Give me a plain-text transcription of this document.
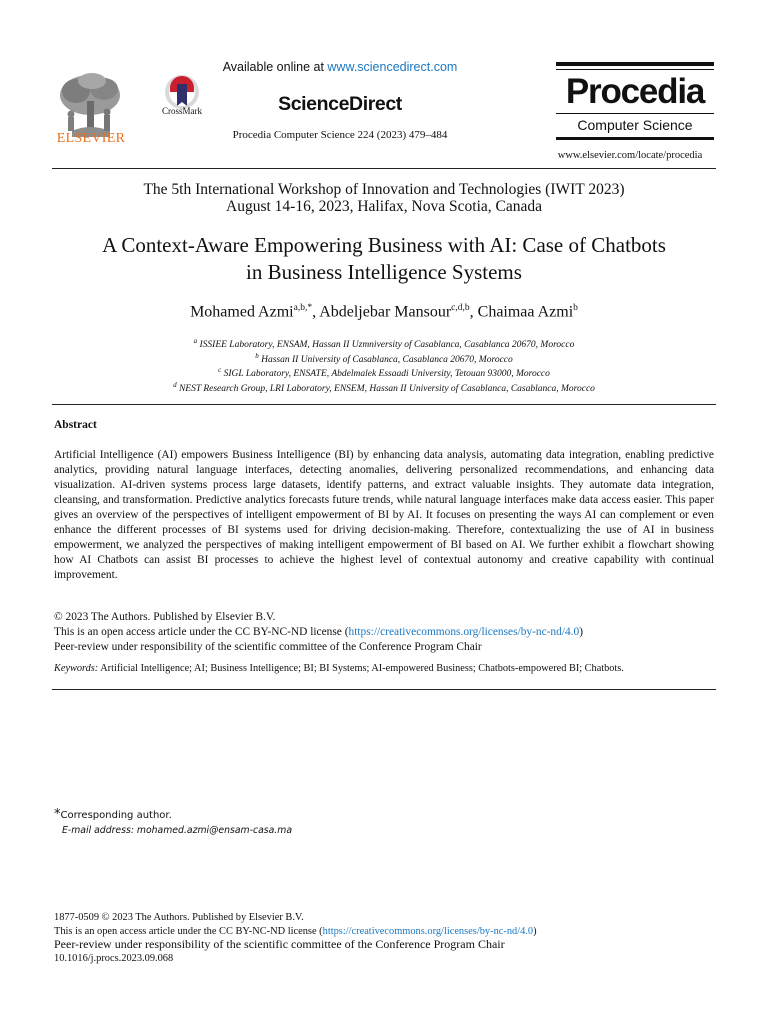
ELSEVIER
CrossMark
Available online at www.sciencedirect.com
ScienceDirect
Procedia Computer Science 224 (2023) 479–484
Procedia
Computer Science
www.elsevier.com/locate/procedia
The 5th International Workshop of Innovation and Technologies (IWIT 2023)
August 14-16, 2023, Halifax, Nova Scotia, Canada
A Context-Aware Empowering Business with AI: Case of Chatbots
in Business Intelligence Systems
Mohamed Azmi$^{a,b,*}$, Abdeljebar Mansour$^{c,d,b}$, Chaimaa Azmi$^b$
$^a$ ISSIEE Laboratory, ENSAM, Hassan II Uzmniversity of Casablanca, Casablanca 20670, Morocco
$^b$ Hassan II University of Casablanca, Casablanca 20670, Morocco
$^c$ SIGL Laboratory, ENSATE, Abdelmalek Essaadi University, Tetouan 93000, Morocco
$^d$ NEST Research Group, LRI Laboratory, ENSEM, Hassan II University of Casablanca, Casablanca, Morocco
Abstract
Artificial Intelligence (AI) empowers Business Intelligence (BI) by enhancing data analysis, automating data integration, enabling predictive analytics, providing natural language interfaces, detecting anomalies, delivering personalized recommendations, and enhancing data visualization. AI-driven systems process large datasets, identify patterns, and extract valuable insights. They automate data integration, cleansing, and transformation. Predictive analytics forecasts future trends, while natural language interfaces make data access easier. This paper gives an overview of the perspectives of intelligent empowerment of BI by AI. It focuses on presenting the ways AI can complement or even enhance the different processes of BI systems used for driving decision-making. Therefore, contextualizing the use of AI in business empowerment, we analyzed the perspectives of making intelligent empowerment of BI based on AI. We further exhibit a flowchart showing how AI Chatbots can assist BI processes to achieve the highest level of contextual autonomy and creative capability with continual improvement.
© 2023 The Authors. Published by Elsevier B.V.
This is an open access article under the CC BY-NC-ND license (https://creativecommons.org/licenses/by-nc-nd/4.0)
Peer-review under responsibility of the scientific committee of the Conference Program Chair
Keywords: Artificial Intelligence; AI; Business Intelligence; BI; BI Systems; AI-empowered Business; Chatbots-empowered BI; Chatbots.
*Corresponding author.
E-mail address: mohamed.azmi@ensam-casa.ma
1877-0509 © 2023 The Authors. Published by Elsevier B.V.
This is an open access article under the CC BY-NC-ND license (https://creativecommons.org/licenses/by-nc-nd/4.0)
Peer-review under responsibility of the scientific committee of the Conference Program Chair
10.1016/j.procs.2023.09.068
